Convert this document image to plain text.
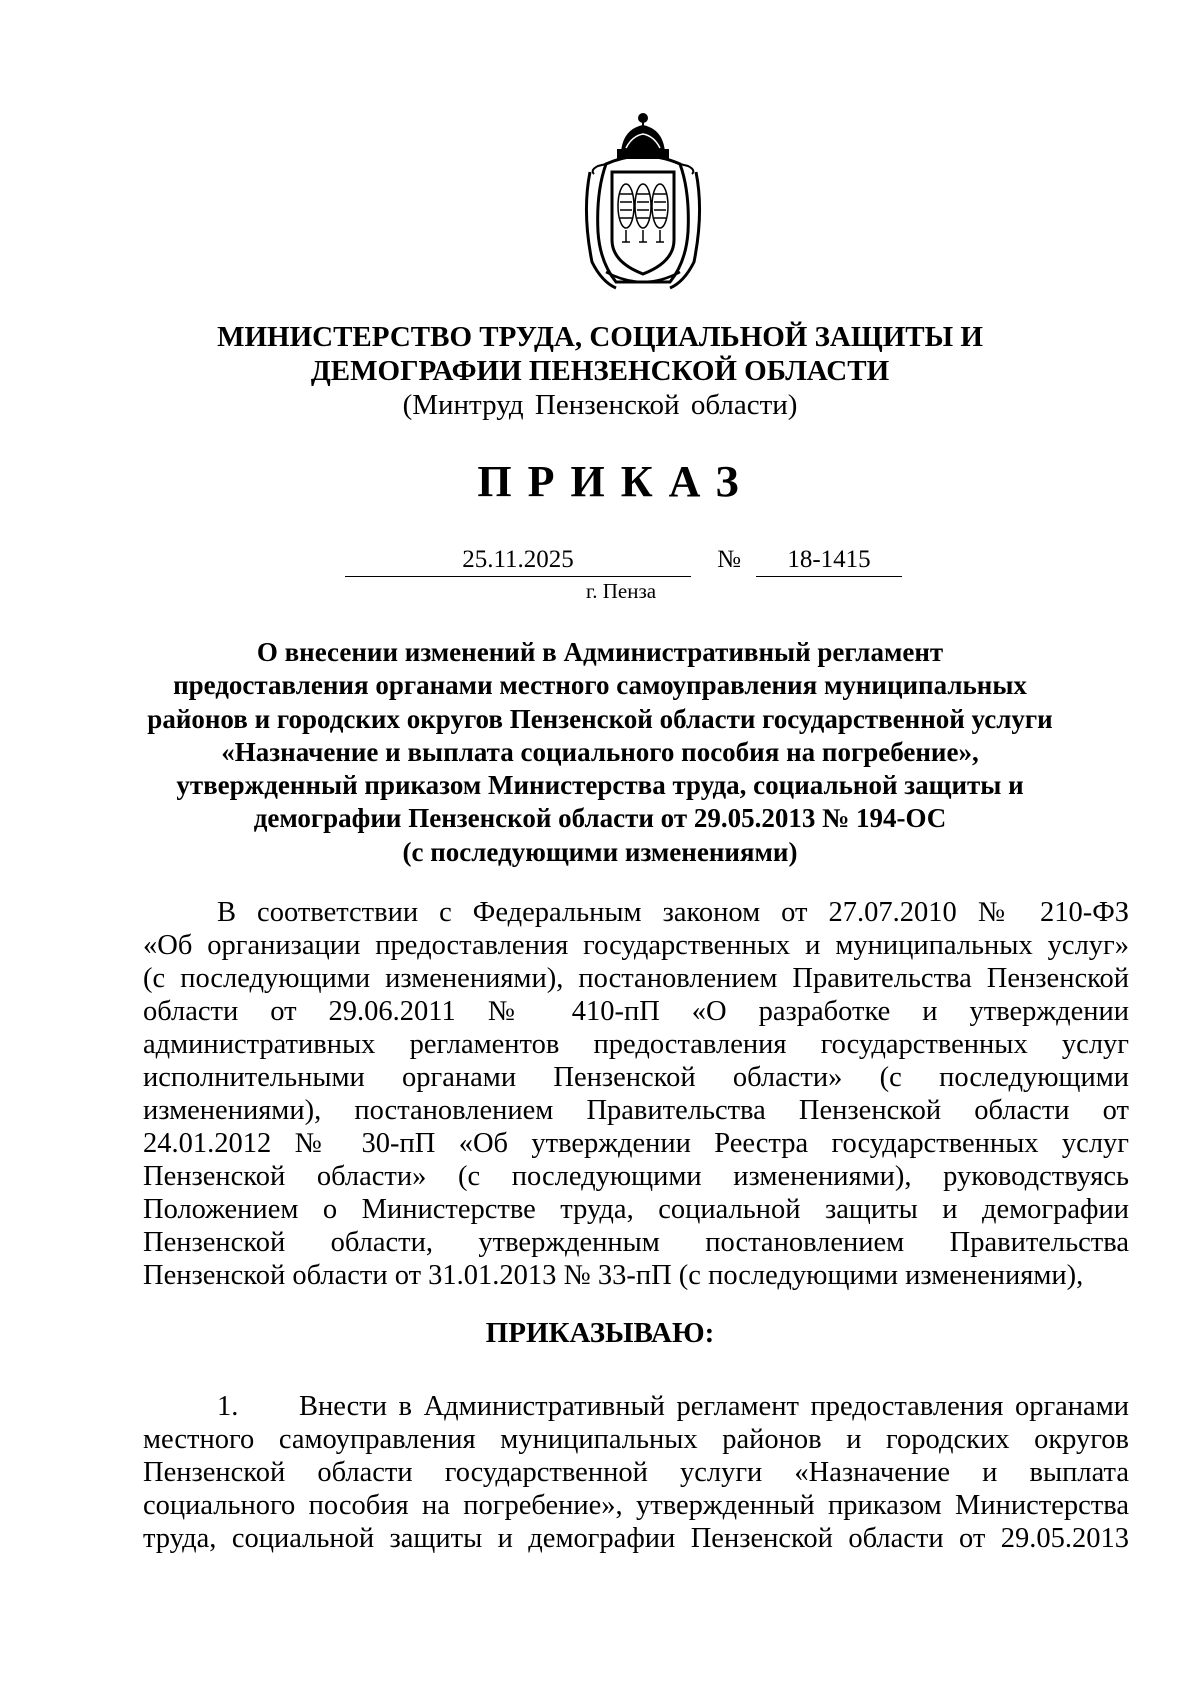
МИНИСТЕРСТВО ТРУДА, СОЦИАЛЬНОЙ ЗАЩИТЫ И
ДЕМОГРАФИИ ПЕНЗЕНСКОЙ ОБЛАСТИ
(Минтруд Пензенской области)
ПРИКАЗ
25.11.2025	№	18-1415
г. Пенза
О внесении изменений в Административный регламент
предоставления органами местного самоуправления муниципальных
районов и городских округов Пензенской области государственной услуги
«Назначение и выплата социального пособия на погребение»,
утвержденный приказом Министерства труда, социальной защиты и
демографии Пензенской области от 29.05.2013 № 194-ОС
(с последующими изменениями)
В соответствии с Федеральным законом от 27.07.2010 № 210-ФЗ
«Об организации предоставления государственных и муниципальных услуг»
(с последующими изменениями), постановлением Правительства Пензенской
области от 29.06.2011 № 410-пП «О разработке и утверждении
административных регламентов предоставления государственных услуг
исполнительными органами Пензенской области» (с последующими
изменениями), постановлением Правительства Пензенской области от
24.01.2012 № 30-пП «Об утверждении Реестра государственных услуг
Пензенской области» (с последующими изменениями), руководствуясь
Положением о Министерстве труда, социальной защиты и демографии
Пензенской области, утвержденным постановлением Правительства
Пензенской области от 31.01.2013 № 33-пП (с последующими изменениями),
ПРИКАЗЫВАЮ:
1.	Внести в Административный регламент предоставления органами
местного самоуправления муниципальных районов и городских округов
Пензенской области государственной услуги «Назначение и выплата
социального пособия на погребение», утвержденный приказом Министерства
труда, социальной защиты и демографии Пензенской области от 29.05.2013
